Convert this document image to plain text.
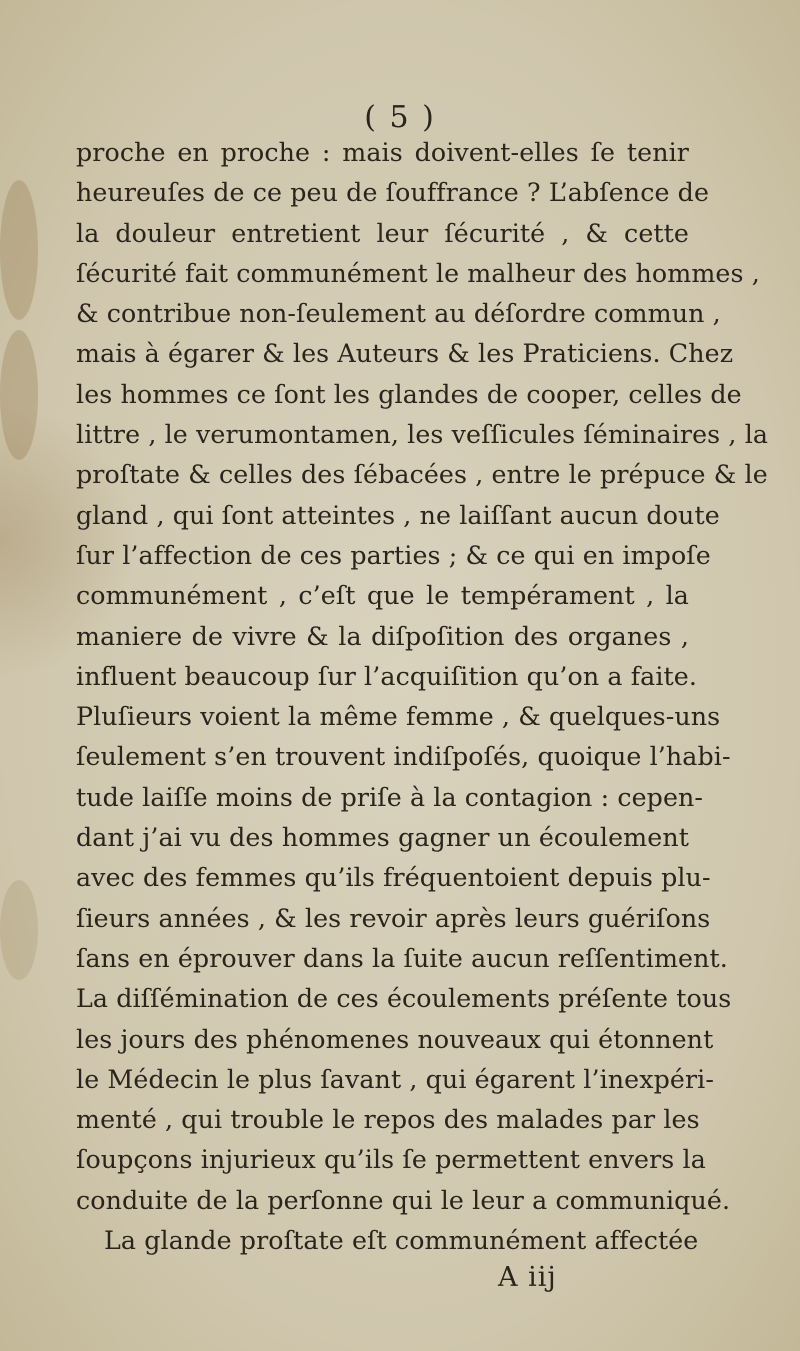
( 5 )
proche en proche : mais doivent-elles ſe tenir
heureuſes de ce peu de ſouffrance ? L’abſence de
la douleur entretient leur ſécurité , & cette
ſécurité fait communément le malheur des hommes ,
& contribue non-ſeulement au déſordre commun ,
mais à égarer & les Auteurs & les Praticiens. Chez
les hommes ce ſont les glandes de cooper, celles de
littre , le verumontamen, les veſſicules ſéminaires , la
proſtate & celles des ſébacées , entre le prépuce & le
gland , qui ſont atteintes , ne laiſſant aucun doute
ſur l’affection de ces parties ; & ce qui en impoſe
communément , c’eſt que le tempérament , la
maniere de vivre & la diſpoſition des organes ,
influent beaucoup ſur l’acquiſition qu’on a faite.
Pluſieurs voient la même femme , & quelques-uns
ſeulement s’en trouvent indiſpoſés, quoique l’habi-
tude laiſſe moins de priſe à la contagion : cepen-
dant j’ai vu des hommes gagner un écoulement
avec des femmes qu’ils fréquentoient depuis plu-
ſieurs années , & les revoir après leurs guériſons
ſans en éprouver dans la ſuite aucun reſſentiment.
La diſſémination de ces écoulements préſente tous
les jours des phénomenes nouveaux qui étonnent
le Médecin le plus ſavant , qui égarent l’inexpéri-
menté , qui trouble le repos des malades par les
ſoupçons injurieux qu’ils ſe permettent envers la
conduite de la perſonne qui le leur a communiqué.
La glande proſtate eſt communément affectée
A iij
